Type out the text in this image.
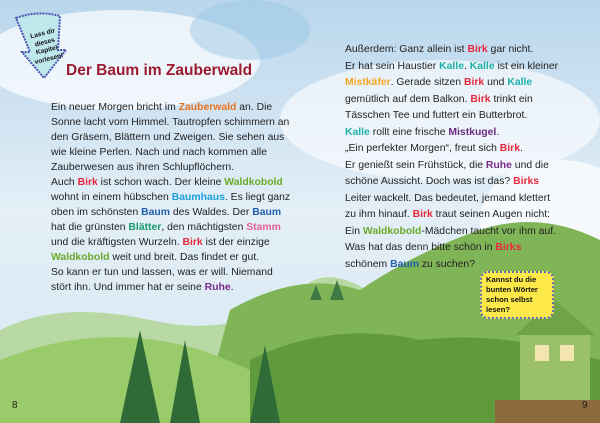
Lass dir dieses Kapitel vorlesen!
Der Baum im Zauberwald
Ein neuer Morgen bricht im Zauberwald an. Die
Sonne lacht vom Himmel. Tautropfen schimmern an
den Gräsern, Blättern und Zweigen. Sie sehen aus
wie kleine Perlen. Nach und nach kommen alle
Zauberwesen aus ihren Schlupflöchern.
Auch Birk ist schon wach. Der kleine Waldkobold
wohnt in einem hübschen Baumhaus. Es liegt ganz
oben im schönsten Baum des Waldes. Der Baum
hat die grünsten Blätter, den mächtigsten Stamm
und die kräftigsten Wurzeln. Birk ist der einzige
Waldkobold weit und breit. Das findet er gut.
So kann er tun und lassen, was er will. Niemand
stört ihn. Und immer hat er seine Ruhe.
Außerdem: Ganz allein ist Birk gar nicht.
Er hat sein Haustier Kalle. Kalle ist ein kleiner
Mistkäfer. Gerade sitzen Birk und Kalle
gemütlich auf dem Balkon. Birk trinkt ein
Tässchen Tee und futtert ein Butterbrot.
Kalle rollt eine frische Mistkugel.
„Ein perfekter Morgen“, freut sich Birk.
Er genießt sein Frühstück, die Ruhe und die
schöne Aussicht. Doch was ist das? Birks
Leiter wackelt. Das bedeutet, jemand klettert
zu ihm hinauf. Birk traut seinen Augen nicht:
Ein Waldkobold-Mädchen taucht vor ihm auf.
Was hat das denn bitte schön in Birks
schönem Baum zu suchen?
Kannst du die bunten Wörter schon selbst lesen?
8	9
